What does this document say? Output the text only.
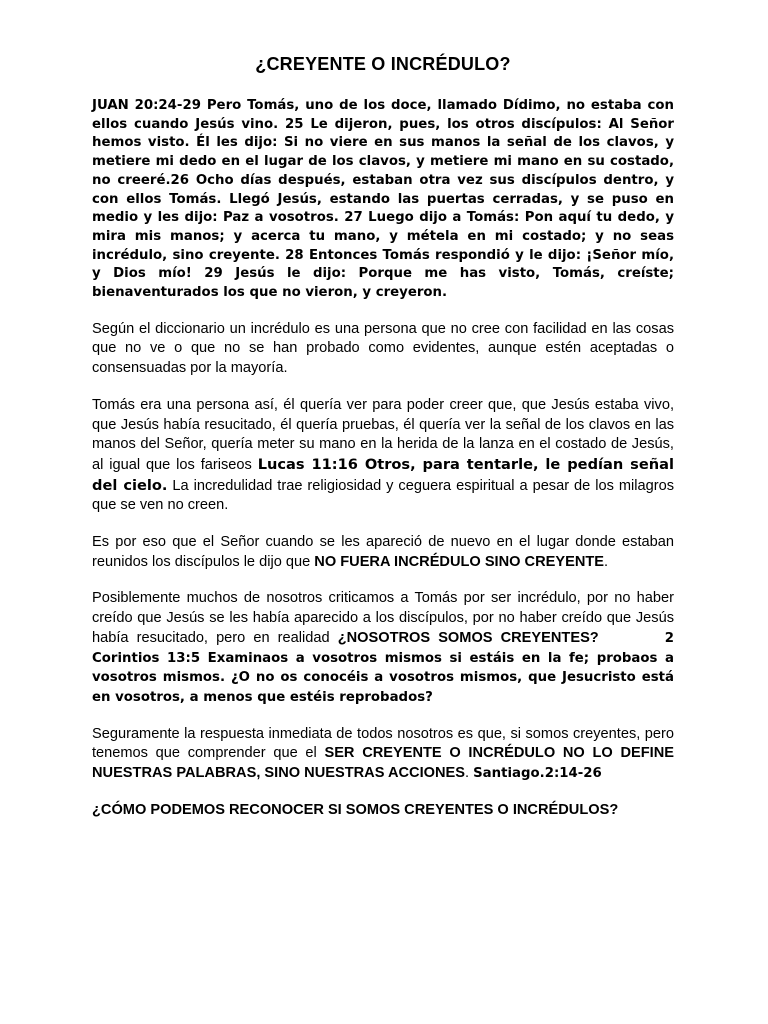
¿CREYENTE O INCRÉDULO?

JUAN 20:24-29 Pero Tomás, uno de los doce, llamado Dídimo, no estaba con ellos cuando Jesús vino. 25 Le dijeron, pues, los otros discípulos: Al Señor hemos visto. Él les dijo: Si no viere en sus manos la señal de los clavos, y metiere mi dedo en el lugar de los clavos, y metiere mi mano en su costado, no creeré.26 Ocho días después, estaban otra vez sus discípulos dentro, y con ellos Tomás. Llegó Jesús, estando las puertas cerradas, y se puso en medio y les dijo: Paz a vosotros. 27 Luego dijo a Tomás: Pon aquí tu dedo, y mira mis manos; y acerca tu mano, y métela en mi costado; y no seas incrédulo, sino creyente. 28 Entonces Tomás respondió y le dijo: ¡Señor mío, y Dios mío! 29 Jesús le dijo: Porque me has visto, Tomás, creíste; bienaventurados los que no vieron, y creyeron.

Según el diccionario un incrédulo es una persona que no cree con facilidad en las cosas que no ve o que no se han probado como evidentes, aunque estén aceptadas o consensuadas por la mayoría.

Tomás era una persona así, él quería ver para poder creer que, que Jesús estaba vivo, que Jesús había resucitado, él quería pruebas, él quería ver la señal de los clavos en las manos del Señor, quería meter su mano en la herida de la lanza en el costado de Jesús, al igual que los fariseos Lucas 11:16 Otros, para tentarle, le pedían señal del cielo. La incredulidad trae religiosidad y ceguera espiritual a pesar de los milagros que se ven no creen.

Es por eso que el Señor cuando se les apareció de nuevo en el lugar donde estaban reunidos los discípulos le dijo que NO FUERA INCRÉDULO SINO CREYENTE.

Posiblemente muchos de nosotros criticamos a Tomás por ser incrédulo, por no haber creído que Jesús se les había aparecido a los discípulos, por no haber creído que Jesús había resucitado, pero en realidad ¿NOSOTROS SOMOS CREYENTES?	2 Corintios 13:5 Examinaos a vosotros mismos si estáis en la fe; probaos a vosotros mismos. ¿O no os conocéis a vosotros mismos, que Jesucristo está en vosotros, a menos que estéis reprobados?

Seguramente la respuesta inmediata de todos nosotros es que, si somos creyentes, pero tenemos que comprender que el SER CREYENTE O INCRÉDULO NO LO DEFINE NUESTRAS PALABRAS, SINO NUESTRAS ACCIONES. Santiago.2:14-26

¿CÓMO PODEMOS RECONOCER SI SOMOS CREYENTES O INCRÉDULOS?
